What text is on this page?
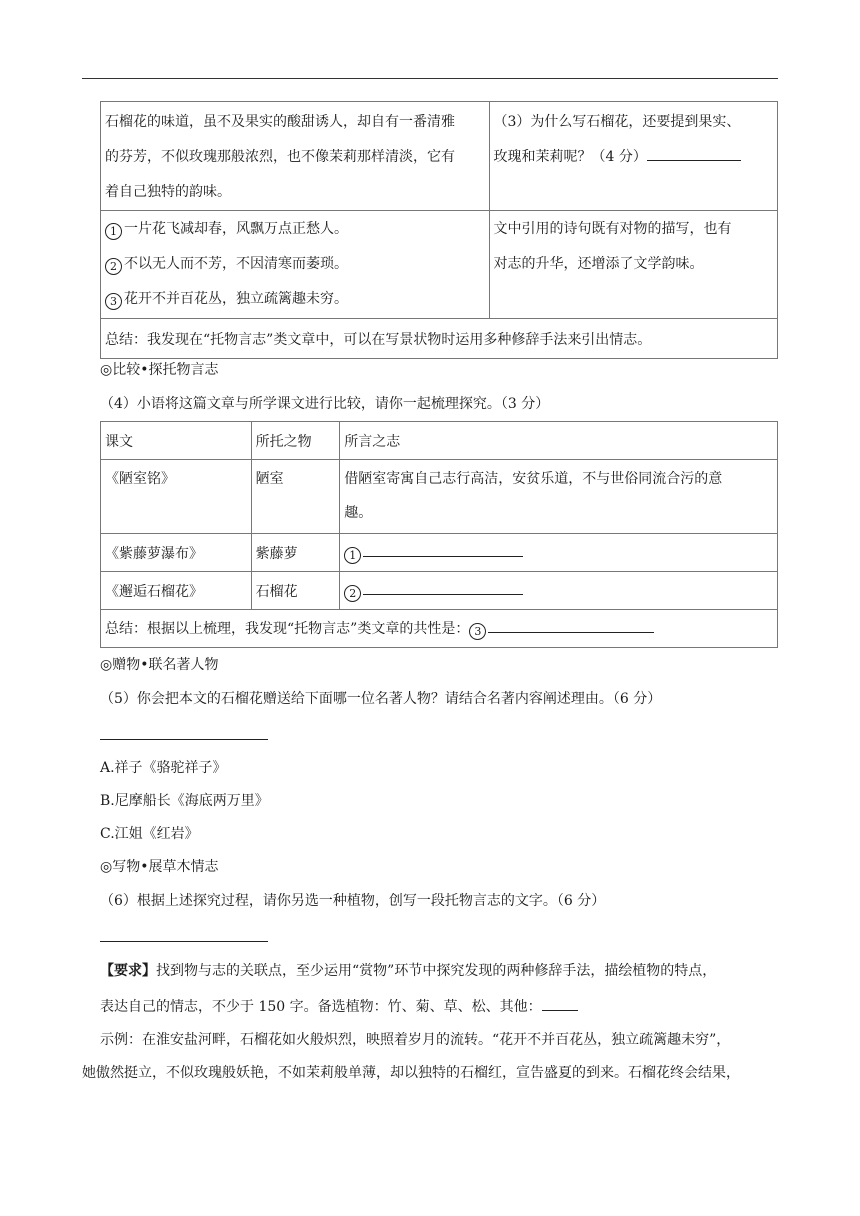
石榴花的味道，虽不及果实的酸甜诱人，却自有一番清雅
的芬芳，不似玫瑰那般浓烈，也不像茉莉那样清淡，它有
着自己独特的韵味。	（3）为什么写石榴花，还要提到果实、
玫瑰和茉莉呢？（4 分）

1 一片花飞减却春，风飘万点正愁人。
2 不以无人而不芳，不因清寒而萎琐。
3 花开不并百花丛，独立疏篱趣未穷。	文中引用的诗句既有对物的描写，也有
对志的升华，还增添了文学韵味。

总结：我发现在“托物言志”类文章中，可以在写景状物时运用多种修辞手法来引出情志。	
◎比较•探托物言志
（4）小语将这篇文章与所学课文进行比较，请你一起梳理探究。（3 分）
课文	所托之物	所言之志

《陋室铭》	陋室	借陋室寄寓自己志行高洁，安贫乐道，不与世俗同流合污的意
趣。

《紫藤萝瀑布》	紫藤萝	1
《邂逅石榴花》	石榴花	2
总结：根据以上梳理，我发现“托物言志”类文章的共性是： 3		
◎赠物•联名著人物
（5）你会把本文的石榴花赠送给下面哪一位名著人物？请结合名著内容阐述理由。（6 分）
A.祥子《骆驼祥子》
B.尼摩船长《海底两万里》
C.江姐《红岩》
◎写物•展草木情志
（6）根据上述探究过程，请你另选一种植物，创写一段托物言志的文字。（6 分）
【要求】找到物与志的关联点，至少运用“赏物”环节中探究发现的两种修辞手法，描绘植物的特点，
表达自己的情志，不少于 150 字。备选植物：竹、菊、草、松、其他：
示例：在淮安盐河畔，石榴花如火般炽烈，映照着岁月的流转。“花开不并百花丛，独立疏篱趣未穷”，
她傲然挺立，不似玫瑰般妖艳，不如茉莉般单薄，却以独特的石榴红，宣告盛夏的到来。石榴花终会结果，
